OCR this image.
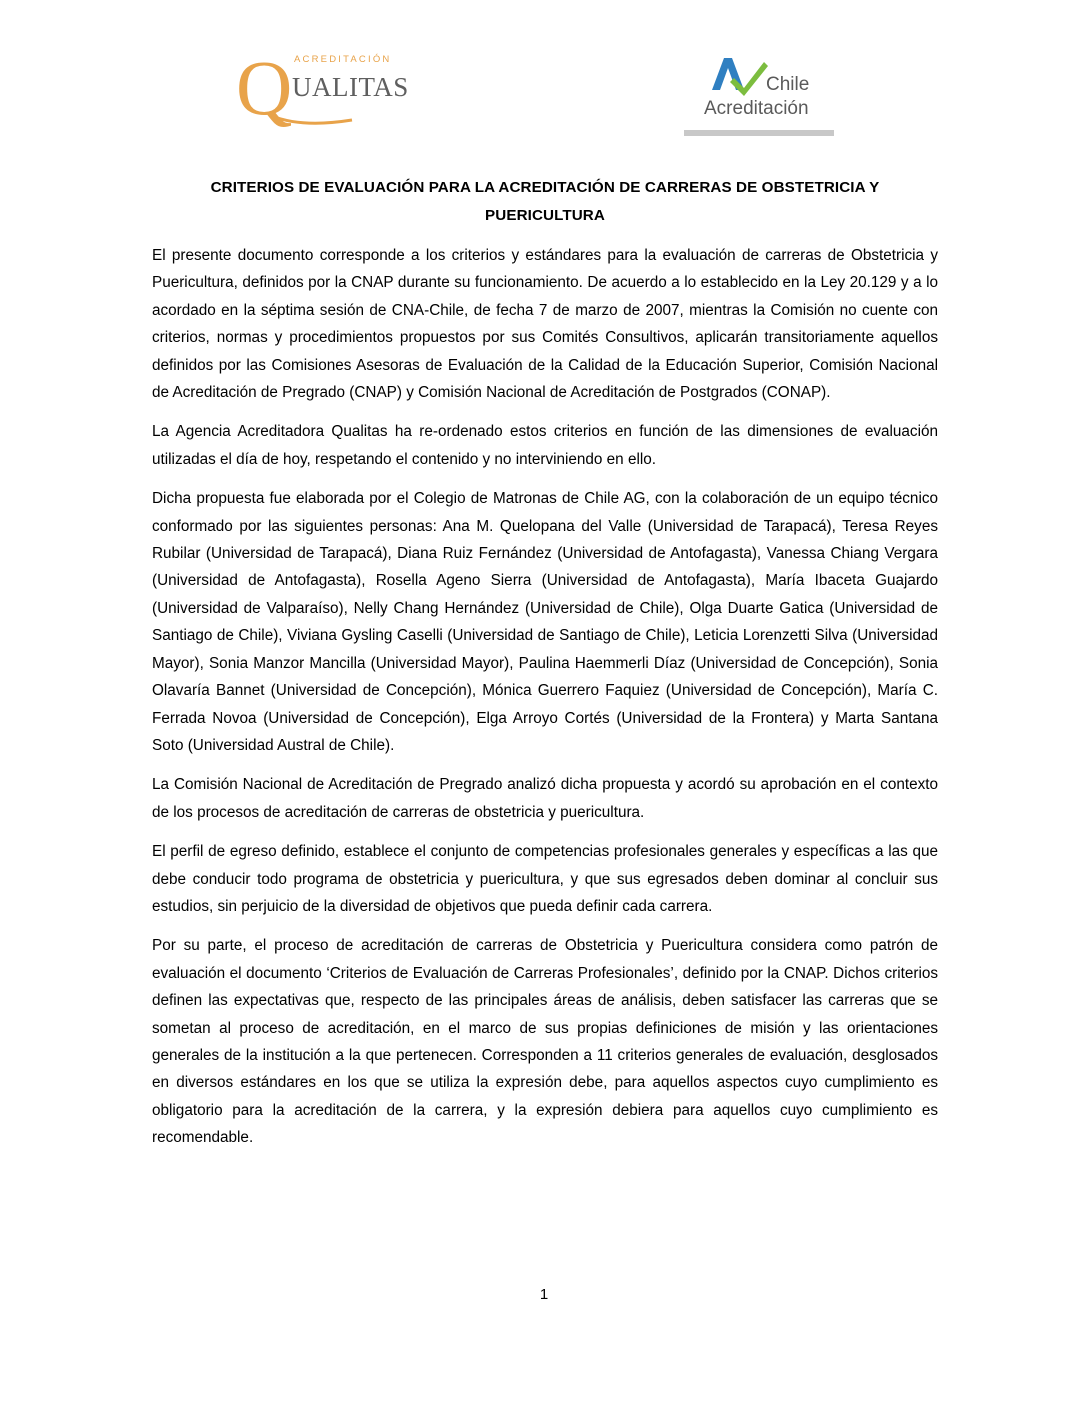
Q ACREDITACIÓN
UALITAS	Chile
Acreditación
CRITERIOS DE EVALUACIÓN PARA LA ACREDITACIÓN DE CARRERAS DE OBSTETRICIA Y PUERICULTURA

El presente documento corresponde a los criterios y estándares para la evaluación de carreras de Obstetricia y Puericultura, definidos por la CNAP durante su funcionamiento. De acuerdo a lo establecido en la Ley 20.129 y a lo acordado en la séptima sesión de CNA-Chile, de fecha 7 de marzo de 2007, mientras la Comisión no cuente con criterios, normas y procedimientos propuestos por sus Comités Consultivos, aplicarán transitoriamente aquellos definidos por las Comisiones Asesoras de Evaluación de la Calidad de la Educación Superior, Comisión Nacional de Acreditación de Pregrado (CNAP) y Comisión Nacional de Acreditación de Postgrados (CONAP).

La Agencia Acreditadora Qualitas ha re-ordenado estos criterios en función de las dimensiones de evaluación utilizadas el día de hoy, respetando el contenido y no interviniendo en ello.

Dicha propuesta fue elaborada por el Colegio de Matronas de Chile AG, con la colaboración de un equipo técnico conformado por las siguientes personas: Ana M. Quelopana del Valle (Universidad de Tarapacá), Teresa Reyes Rubilar (Universidad de Tarapacá), Diana Ruiz Fernández (Universidad de Antofagasta), Vanessa Chiang Vergara (Universidad de Antofagasta), Rosella Ageno Sierra (Universidad de Antofagasta), María Ibaceta Guajardo (Universidad de Valparaíso), Nelly Chang Hernández (Universidad de Chile), Olga Duarte Gatica (Universidad de Santiago de Chile), Viviana Gysling Caselli (Universidad de Santiago de Chile), Leticia Lorenzetti Silva (Universidad Mayor), Sonia Manzor Mancilla (Universidad Mayor), Paulina Haemmerli Díaz (Universidad de Concepción), Sonia Olavaría Bannet (Universidad de Concepción), Mónica Guerrero Faquiez (Universidad de Concepción), María C. Ferrada Novoa (Universidad de Concepción), Elga Arroyo Cortés (Universidad de la Frontera) y Marta Santana Soto (Universidad Austral de Chile).

La Comisión Nacional de Acreditación de Pregrado analizó dicha propuesta y acordó su aprobación en el contexto de los procesos de acreditación de carreras de obstetricia y puericultura.

El perfil de egreso definido, establece el conjunto de competencias profesionales generales y específicas a las que debe conducir todo programa de obstetricia y puericultura, y que sus egresados deben dominar al concluir sus estudios, sin perjuicio de la diversidad de objetivos que pueda definir cada carrera.

Por su parte, el proceso de acreditación de carreras de Obstetricia y Puericultura considera como patrón de evaluación el documento ‘Criterios de Evaluación de Carreras Profesionales’, definido por la CNAP. Dichos criterios definen las expectativas que, respecto de las principales áreas de análisis, deben satisfacer las carreras que se sometan al proceso de acreditación, en el marco de sus propias definiciones de misión y las orientaciones generales de la institución a la que pertenecen. Corresponden a 11 criterios generales de evaluación, desglosados en diversos estándares en los que se utiliza la expresión debe, para aquellos aspectos cuyo cumplimiento es obligatorio para la acreditación de la carrera, y la expresión debiera para aquellos cuyo cumplimiento es recomendable.

1
